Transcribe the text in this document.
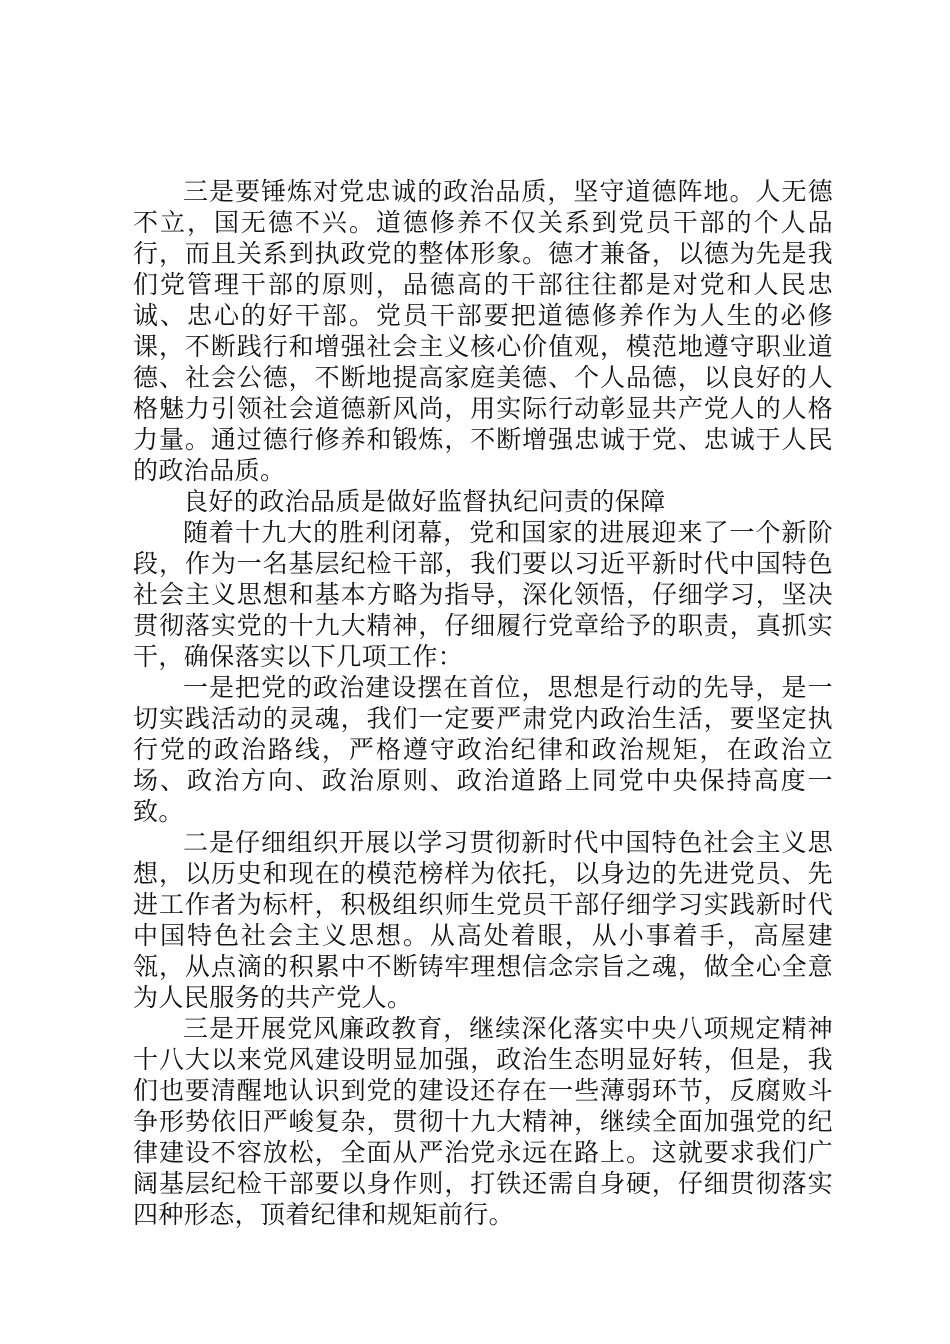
三是要锤炼对党忠诚的政治品质，坚守道德阵地。人无德不立，国无德不兴。道德修养不仅关系到党员干部的个人品行，而且关系到执政党的整体形象。德才兼备，以德为先是我们党管理干部的原则，品德高的干部往往都是对党和人民忠诚、忠心的好干部。党员干部要把道德修养作为人生的必修课，不断践行和增强社会主义核心价值观，模范地遵守职业道德、社会公德，不断地提高家庭美德、个人品德，以良好的人格魅力引领社会道德新风尚，用实际行动彰显共产党人的人格力量。通过德行修养和锻炼，不断增强忠诚于党、忠诚于人民的政治品质。

良好的政治品质是做好监督执纪问责的保障

随着十九大的胜利闭幕，党和国家的进展迎来了一个新阶段，作为一名基层纪检干部，我们要以习近平新时代中国特色社会主义思想和基本方略为指导，深化领悟，仔细学习，坚决贯彻落实党的十九大精神，仔细履行党章给予的职责，真抓实干，确保落实以下几项工作：

一是把党的政治建设摆在首位，思想是行动的先导，是一切实践活动的灵魂，我们一定要严肃党内政治生活，要坚定执行党的政治路线，严格遵守政治纪律和政治规矩，在政治立场、政治方向、政治原则、政治道路上同党中央保持高度一致。

二是仔细组织开展以学习贯彻新时代中国特色社会主义思想，以历史和现在的模范榜样为依托，以身边的先进党员、先进工作者为标杆，积极组织师生党员干部仔细学习实践新时代中国特色社会主义思想。从高处着眼，从小事着手，高屋建瓴，从点滴的积累中不断铸牢理想信念宗旨之魂，做全心全意为人民服务的共产党人。

三是开展党风廉政教育，继续深化落实中央八项规定精神十八大以来党风建设明显加强，政治生态明显好转，但是，我们也要清醒地认识到党的建设还存在一些薄弱环节，反腐败斗争形势依旧严峻复杂，贯彻十九大精神，继续全面加强党的纪律建设不容放松，全面从严治党永远在路上。这就要求我们广阔基层纪检干部要以身作则，打铁还需自身硬，仔细贯彻落实四种形态，顶着纪律和规矩前行。
